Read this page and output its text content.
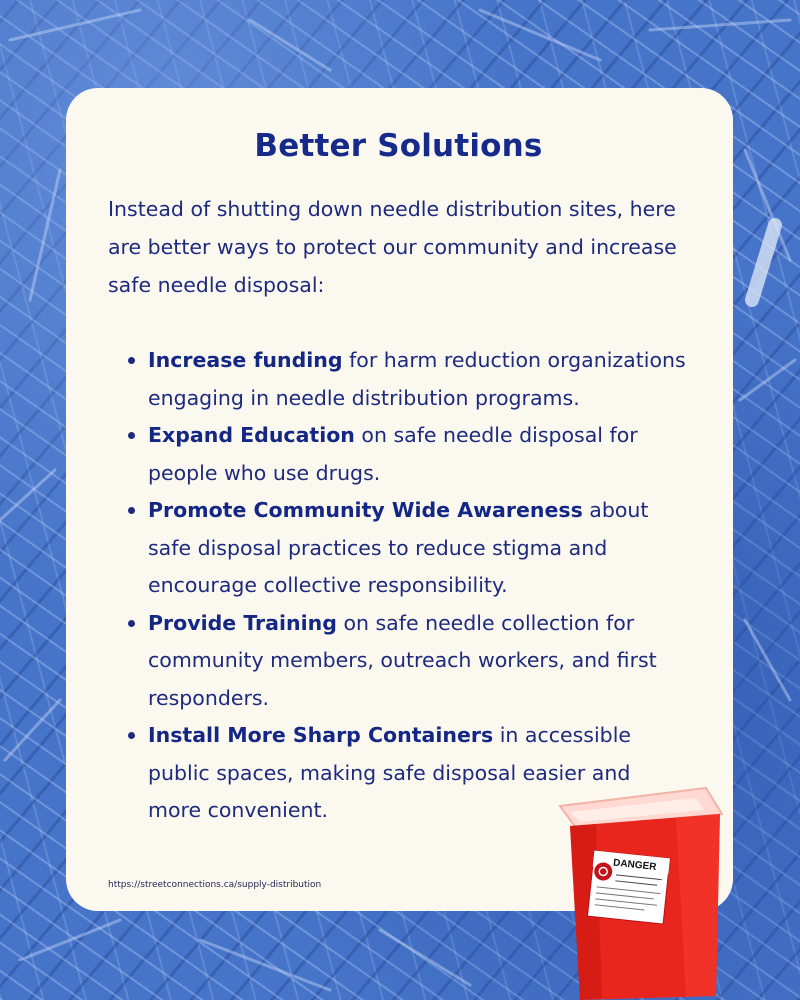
Better Solutions

Instead of shutting down needle distribution sites, here are better ways to protect our community and increase safe needle disposal:

Increase funding for harm reduction organizations engaging in needle distribution programs.
Expand Education on safe needle disposal for people who use drugs.
Promote Community Wide Awareness about safe disposal practices to reduce stigma and encourage collective responsibility.
Provide Training on safe needle collection for community members, outreach workers, and first responders.
Install More Sharp Containers in accessible public spaces, making safe disposal easier and more convenient.
https://streetconnections.ca/supply-distribution
DANGER
